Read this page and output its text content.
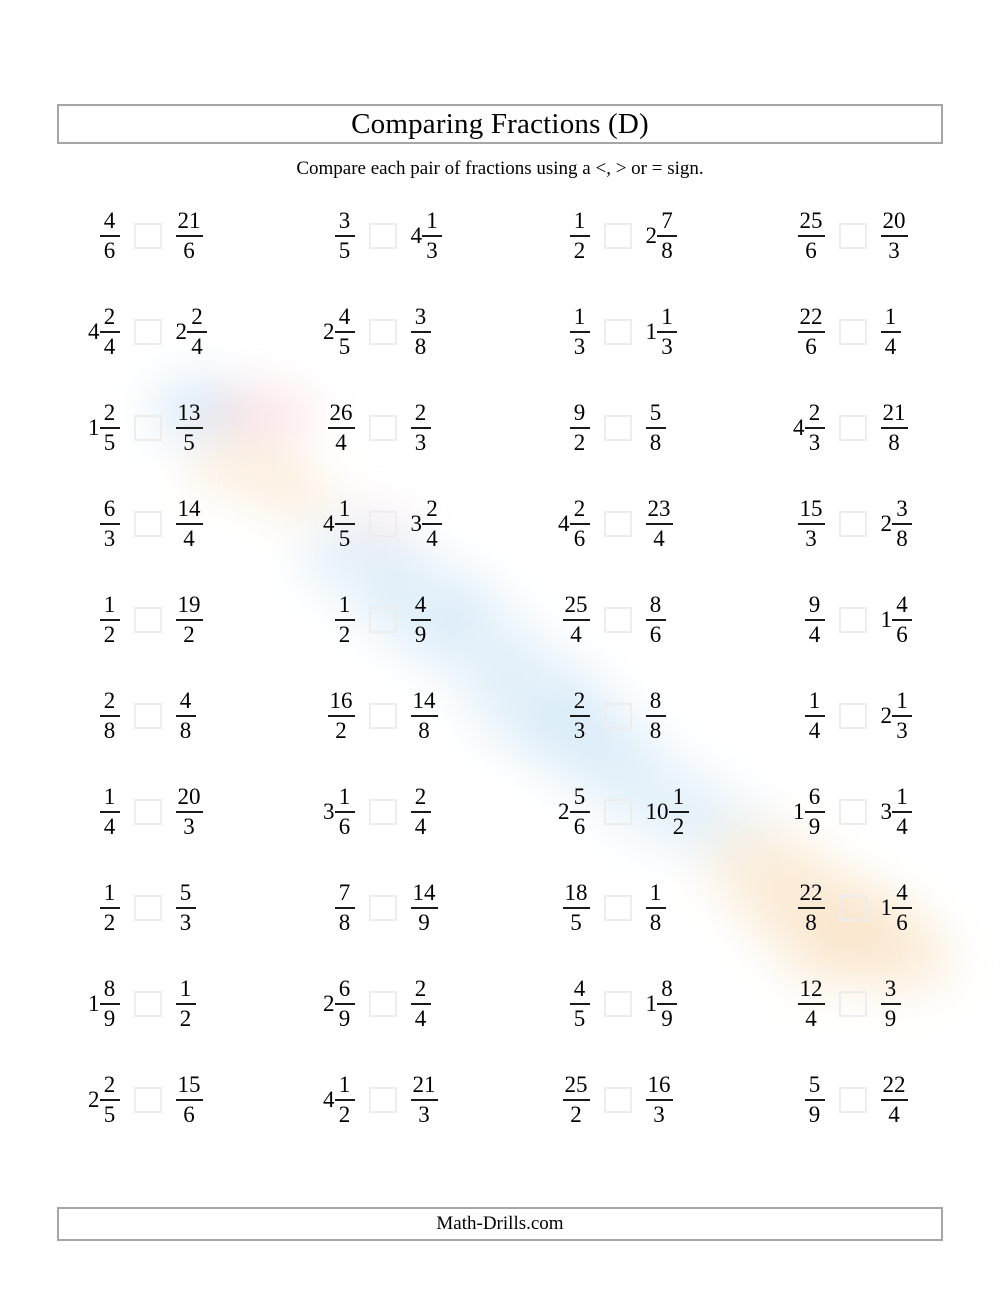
Comparing Fractions (D)
Compare each pair of fractions using a <, > or = sign.
$\frac{4}{6} \frac{21}{6}$	$\frac{3}{5} 4 \frac{1}{3}$	$\frac{1}{2} 2 \frac{7}{8}$	$\frac{25}{6} \frac{20}{3}$
$4 \frac{2}{4} 2 \frac{2}{4}$	$2 \frac{4}{5} \frac{3}{8}$	$\frac{1}{3} 1 \frac{1}{3}$	$\frac{22}{6} \frac{1}{4}$
$1 \frac{2}{5} \frac{13}{5}$	$\frac{26}{4} \frac{2}{3}$	$\frac{9}{2} \frac{5}{8}$	$4 \frac{2}{3} \frac{21}{8}$
$\frac{6}{3} \frac{14}{4}$	$4 \frac{1}{5} 3 \frac{2}{4}$	$4 \frac{2}{6} \frac{23}{4}$	$\frac{15}{3} 2 \frac{3}{8}$
$\frac{1}{2} \frac{19}{2}$	$\frac{1}{2} \frac{4}{9}$	$\frac{25}{4} \frac{8}{6}$	$\frac{9}{4} 1 \frac{4}{6}$
$\frac{2}{8} \frac{4}{8}$	$\frac{16}{2} \frac{14}{8}$	$\frac{2}{3} \frac{8}{8}$	$\frac{1}{4} 2 \frac{1}{3}$
$\frac{1}{4} \frac{20}{3}$	$3 \frac{1}{6} \frac{2}{4}$	$2 \frac{5}{6} 10 \frac{1}{2}$	$1 \frac{6}{9} 3 \frac{1}{4}$
$\frac{1}{2} \frac{5}{3}$	$\frac{7}{8} \frac{14}{9}$	$\frac{18}{5} \frac{1}{8}$	$\frac{22}{8} 1 \frac{4}{6}$
$1 \frac{8}{9} \frac{1}{2}$	$2 \frac{6}{9} \frac{2}{4}$	$\frac{4}{5} 1 \frac{8}{9}$	$\frac{12}{4} \frac{3}{9}$
$2 \frac{2}{5} \frac{15}{6}$	$4 \frac{1}{2} \frac{21}{3}$	$\frac{25}{2} \frac{16}{3}$	$\frac{5}{9} \frac{22}{4}$
Math-Drills.com
